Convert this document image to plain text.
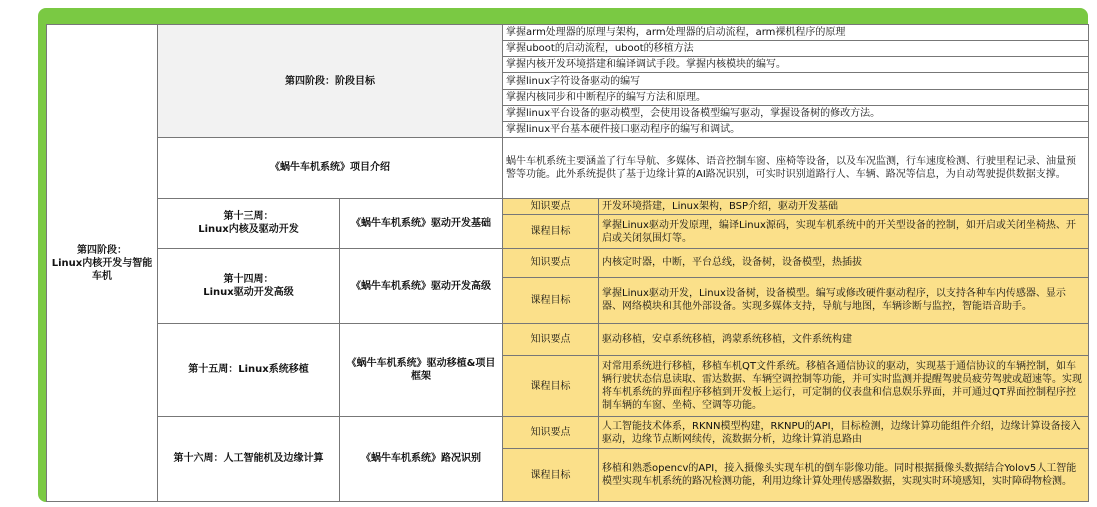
第四阶段：
Linux内核开发与智能车机	第四阶段：阶段目标		掌握arm处理器的原理与架构，arm处理器的启动流程，arm裸机程序的原理	
			掌握uboot的启动流程，uboot的移植方法	
			掌握内核开发环境搭建和编译调试手段。掌握内核模块的编写。	
			掌握linux字符设备驱动的编写	
			掌握内核同步和中断程序的编写方法和原理。	
			掌握linux平台设备的驱动模型，会使用设备模型编写驱动，掌握设备树的修改方法。	
			掌握linux平台基本硬件接口驱动程序的编写和调试。	
	《蜗牛车机系统》项目介绍		蜗牛车机系统主要涵盖了行车导航、多媒体、语音控制车窗、座椅等设备，以及车况监测，行车速度检测、行驶里程记录、油量预警等功能。此外系统提供了基于边缘计算的AI路况识别，可实时识别道路行人、车辆、路况等信息，为自动驾驶提供数据支撑。	
	第十三周：
Linux内核及驱动开发	《蜗牛车机系统》驱动开发基础	知识要点	开发环境搭建，Linux架构，BSP介绍，驱动开发基础
			课程目标	掌握Linux驱动开发原理，编译Linux源码，实现车机系统中的开关型设备的控制，如开启或关闭坐椅热、开启或关闭氛围灯等。
	第十四周：
Linux驱动开发高级	《蜗牛车机系统》驱动开发高级	知识要点	内核定时器，中断，平台总线，设备树，设备模型，热插拔
			课程目标	掌握Linux驱动开发，Linux设备树，设备模型。编写或修改硬件驱动程序，以支持各种车内传感器、显示器、网络模块和其他外部设备。实现多媒体支持，导航与地图，车辆诊断与监控，智能语音助手。
	第十五周：Linux系统移植	《蜗牛车机系统》驱动移植&项目框架	知识要点	驱动移植，安卓系统移植，鸿蒙系统移植，文件系统构建
			课程目标	对常用系统进行移植，移植车机QT文件系统。移植各通信协议的驱动，实现基于通信协议的车辆控制，如车辆行驶状态信息读取、雷达数据、车辆空调控制等功能，并可实时监测并提醒驾驶员疲劳驾驶或超速等。实现将车机系统的界面程序移植到开发板上运行，可定制的仪表盘和信息娱乐界面，并可通过QT界面控制程序控制车辆的车窗、坐椅、空调等功能。
	第十六周：人工智能机及边缘计算	《蜗牛车机系统》路况识别	知识要点	人工智能技术体系，RKNN模型构建，RKNPU的API，目标检测，边缘计算功能组件介绍，边缘计算设备接入驱动，边缘节点断网续传，流数据分析，边缘计算消息路由
			课程目标	移植和熟悉opencv的API，接入摄像头实现车机的倒车影像功能。同时根据摄像头数据结合Yolov5人工智能模型实现车机系统的路况检测功能，利用边缘计算处理传感器数据，实现实时环境感知，实时障碍物检测。
